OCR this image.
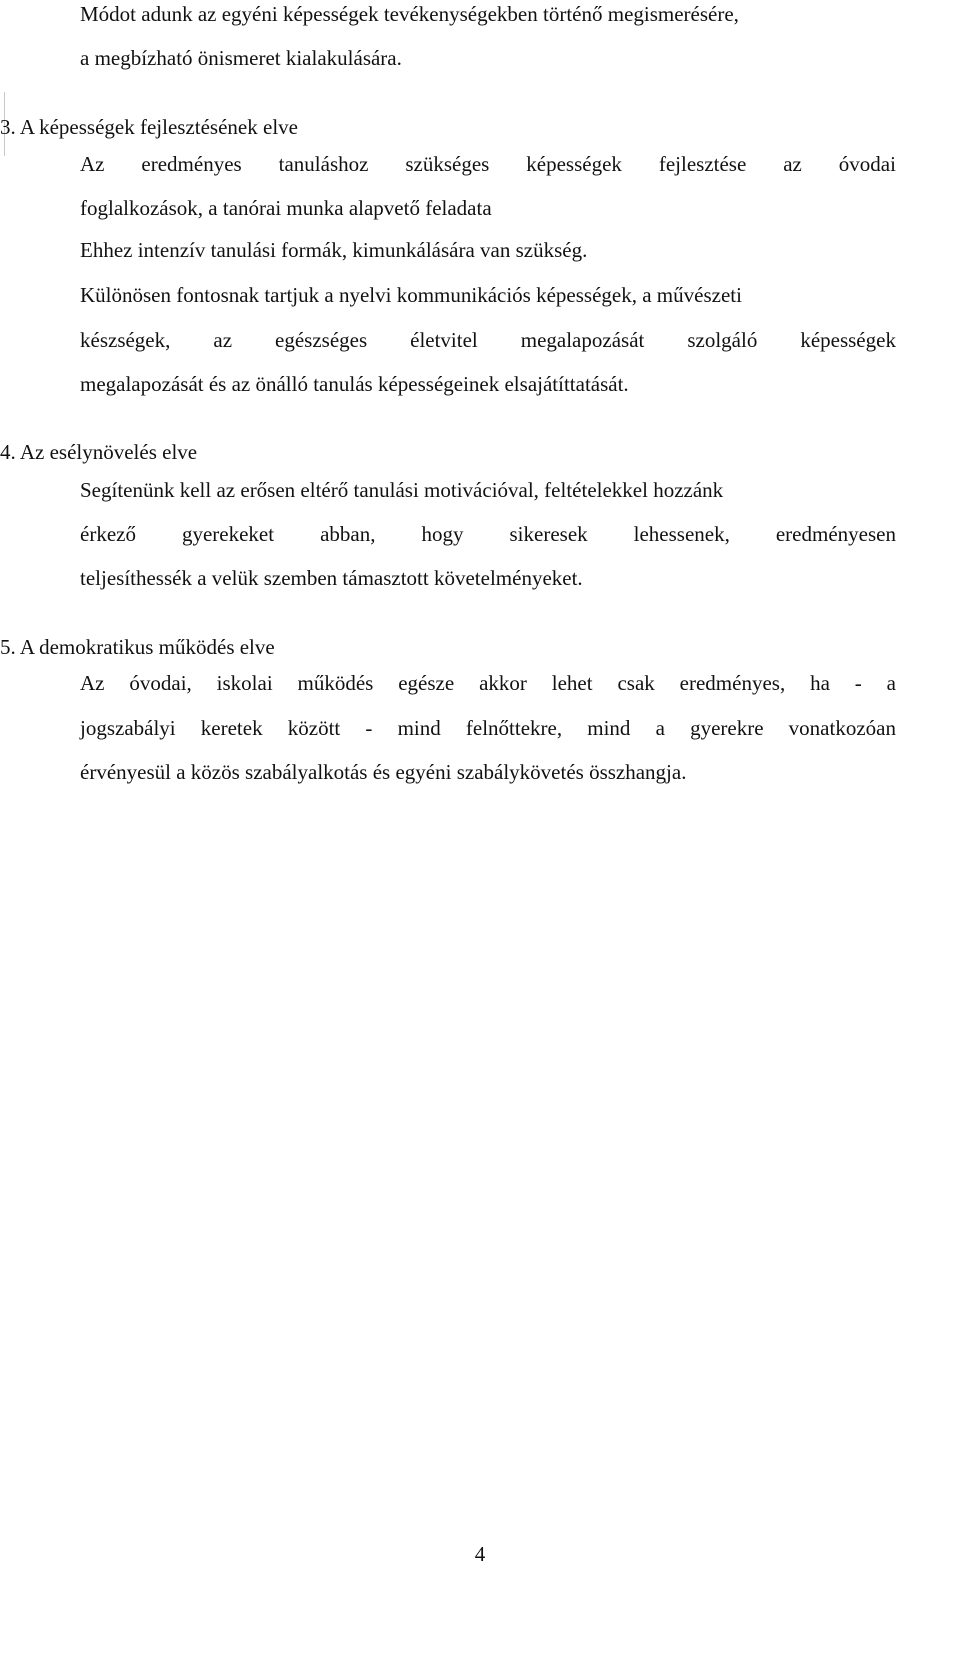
Módot adunk az egyéni képességek tevékenységekben történő megismerésére,
a megbízható önismeret kialakulására.
3. A képességek fejlesztésének elve
Az eredményes tanuláshoz szükséges képességek fejlesztése az óvodai
foglalkozások, a tanórai munka alapvető feladata
Ehhez intenzív tanulási formák, kimunkálására van szükség.
Különösen fontosnak tartjuk a nyelvi kommunikációs képességek, a művészeti
készségek, az egészséges életvitel megalapozását szolgáló képességek
megalapozását és az önálló tanulás képességeinek elsajátíttatását.
4. Az esélynövelés elve
Segítenünk kell az erősen eltérő tanulási motivációval, feltételekkel hozzánk
érkező gyerekeket abban, hogy sikeresek lehessenek, eredményesen
teljesíthessék a velük szemben támasztott követelményeket.
5. A demokratikus működés elve
Az óvodai, iskolai működés egésze akkor lehet csak eredményes, ha - a
jogszabályi keretek között - mind felnőttekre, mind a gyerekre vonatkozóan
érvényesül a közös szabályalkotás és egyéni szabálykövetés összhangja.
4
